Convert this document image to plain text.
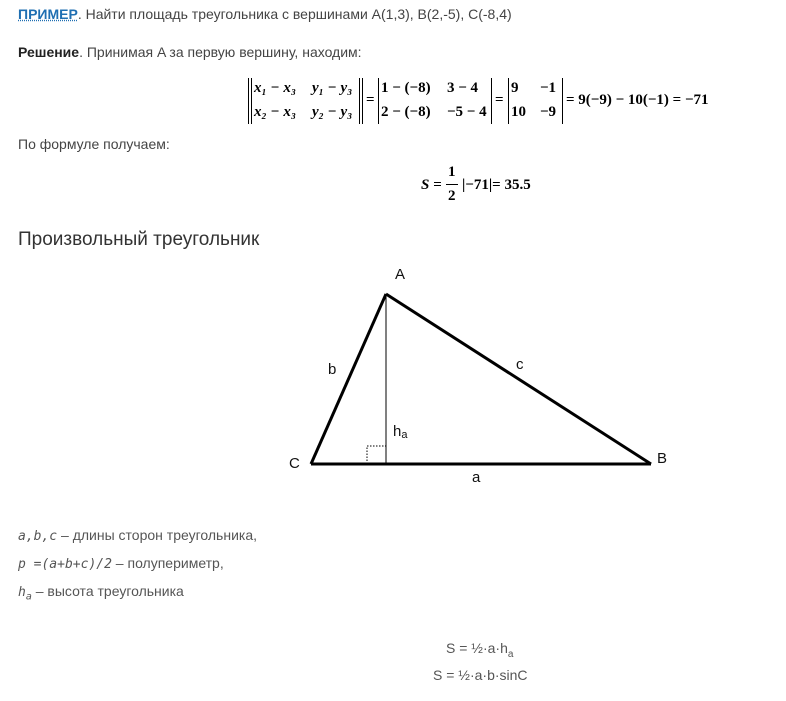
ПРИМЕР. Найти площадь треугольника с вершинами A(1,3), B(2,-5), C(-8,4)
Решение. Принимая A за первую вершину, находим:
x₁ − x₃ y₁ − y₃
x₂ − x₃ y₂ − y₃
=
1 − (−8) 3 − 4
2 − (−8) −5 − 4
=
9 −1
10 −9
= 9(−9) − 10(−1) = −71
По формуле получаем:
S =
1
2
|−71|= 35.5
Произвольный треугольник
A
B
C
b	c
a
ha
a,b,c – длины сторон треугольника,
p =(a+b+c)/2 – полупериметр,
$h_a$ – высота треугольника
$S = \frac{1}{2}\cdot a\cdot h_a$
S = ½·a·b·sinC
